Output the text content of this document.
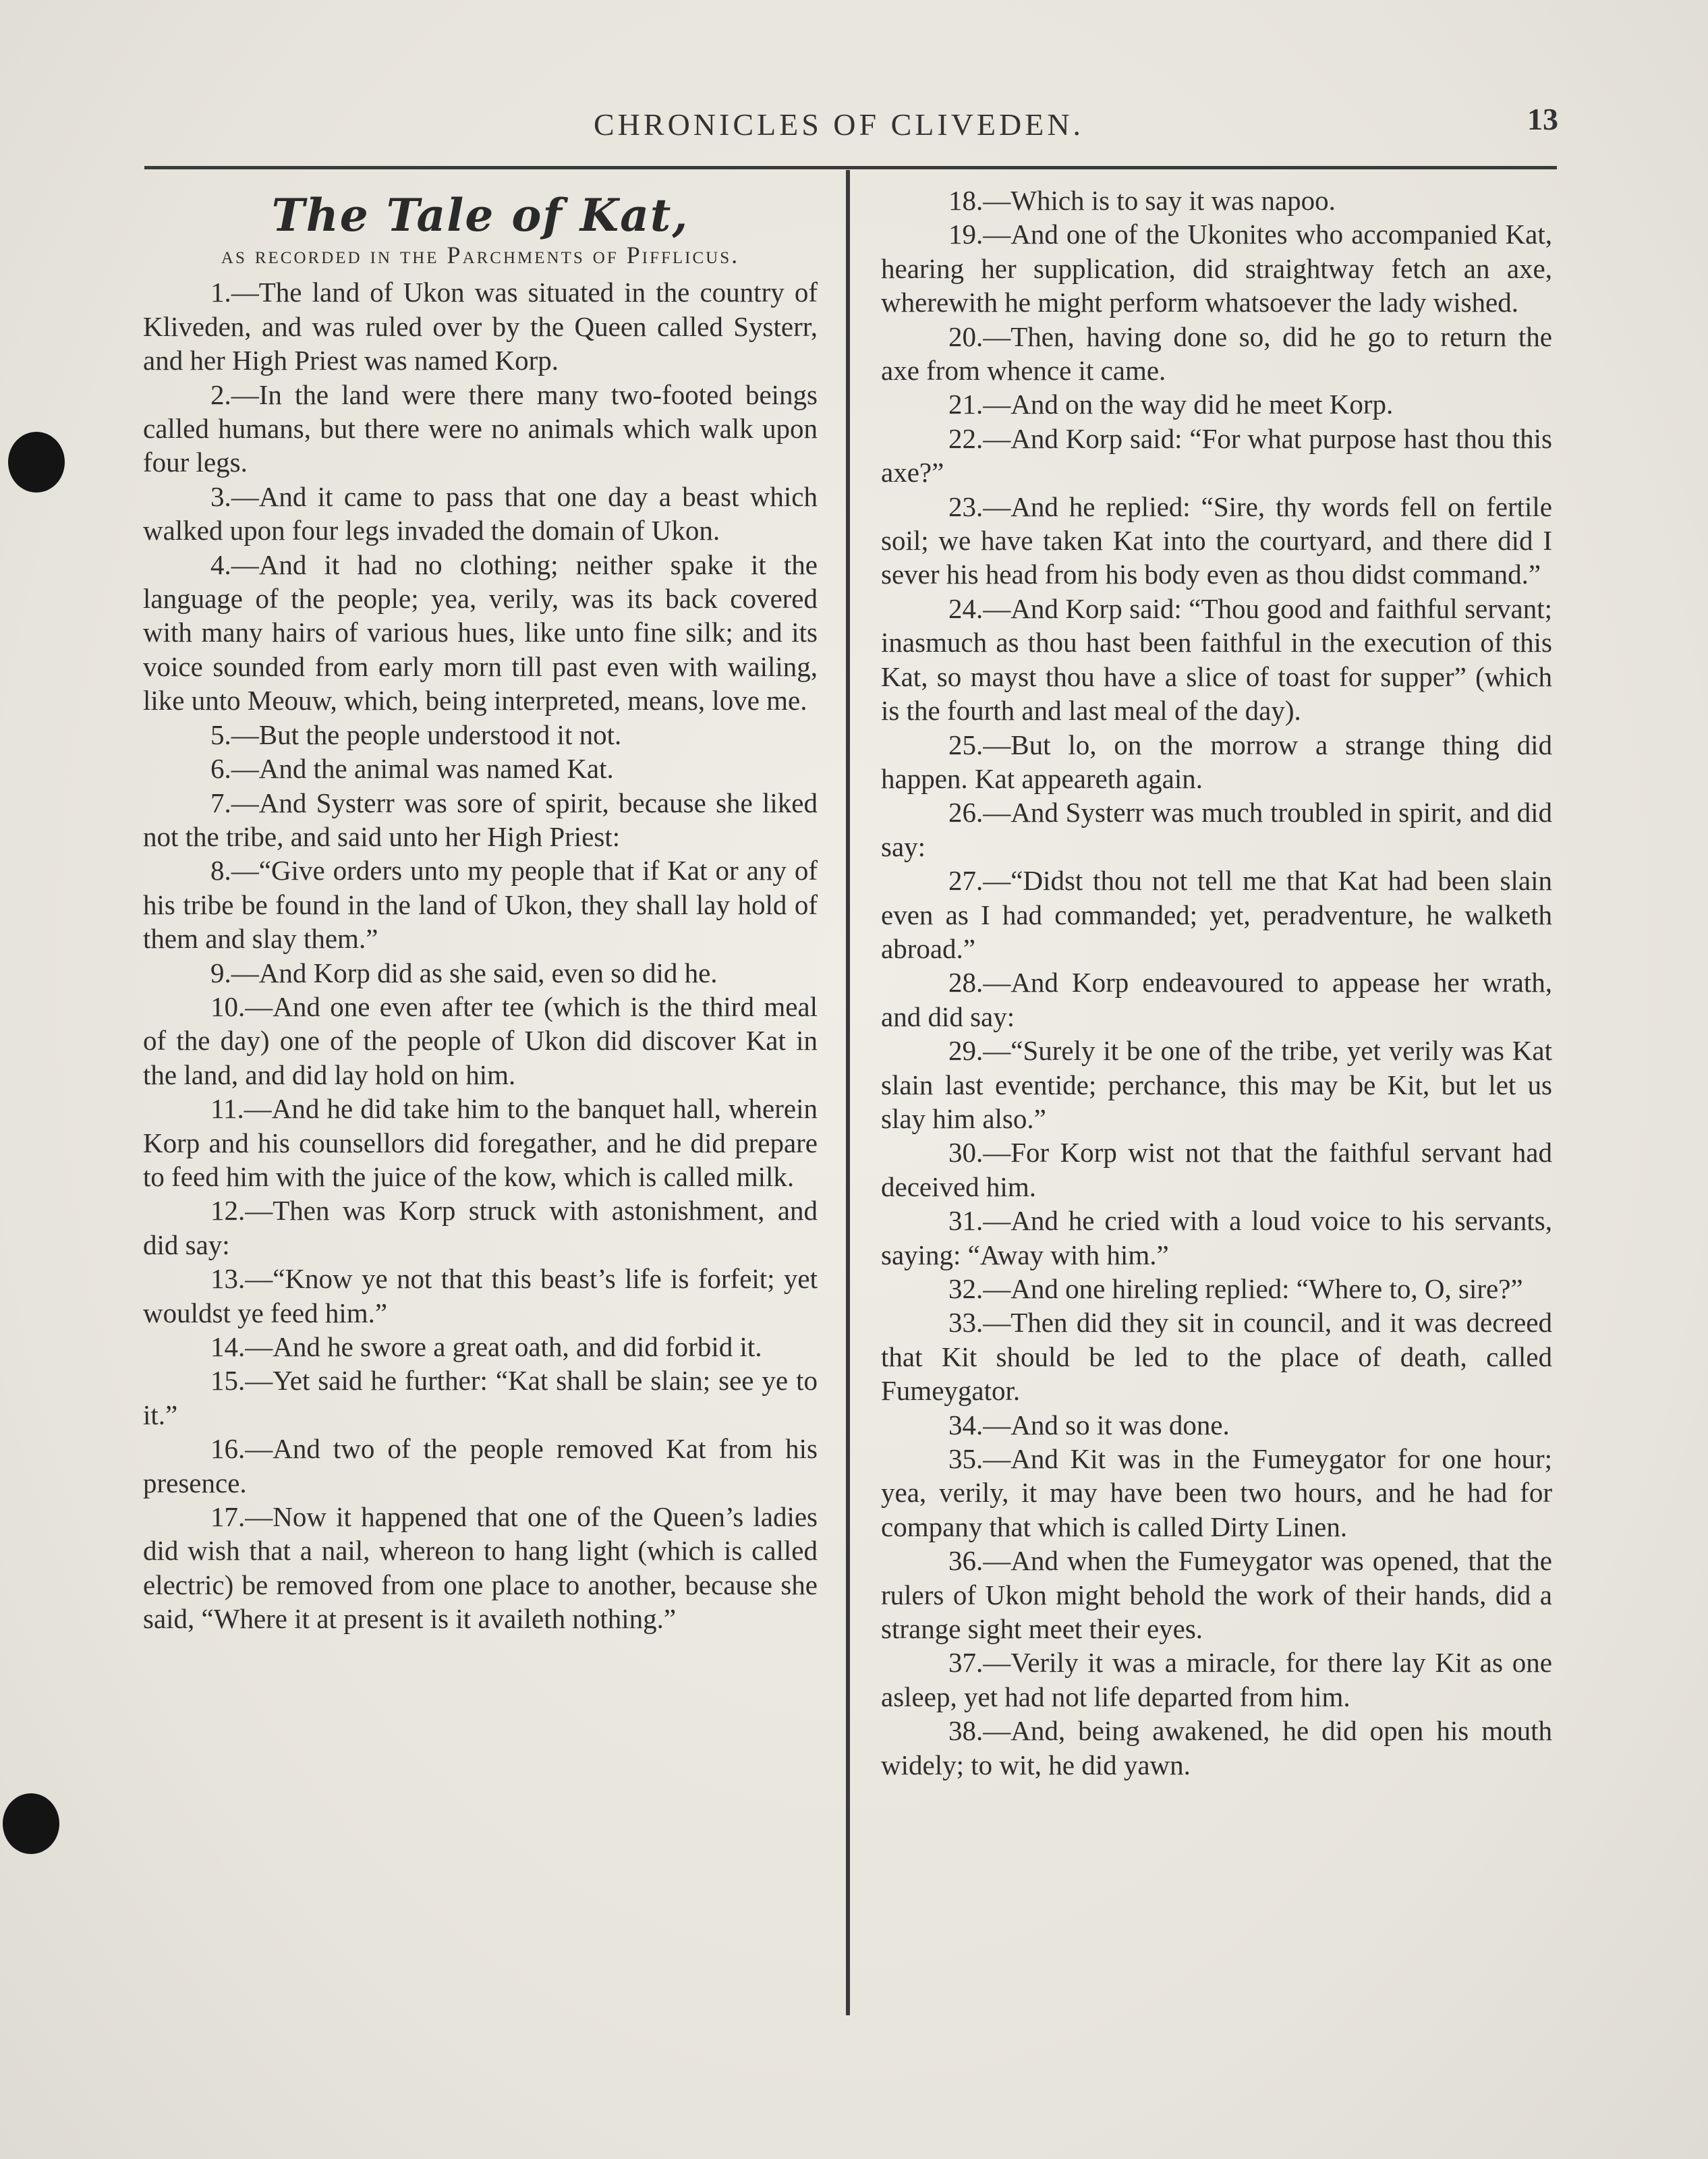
CHRONICLES OF CLIVEDEN.	13
The Tale of Kat,
as recorded in the Parchments of Pifflicus.

1.—The land of Ukon was situated in the country of Kliveden, and was ruled over by the Queen called Systerr, and her High Priest was named Korp.

2.—In the land were there many two-footed beings called humans, but there were no animals which walk upon four legs.

3.—And it came to pass that one day a beast which walked upon four legs invaded the domain of Ukon.

4.—And it had no clothing; neither spake it the language of the people; yea, verily, was its back covered with many hairs of various hues, like unto fine silk; and its voice sounded from early morn till past even with wailing, like unto Meouw, which, being interpreted, means, love me.

5.—But the people understood it not.

6.—And the animal was named Kat.

7.—And Systerr was sore of spirit, because she liked not the tribe, and said unto her High Priest:

8.—“Give orders unto my people that if Kat or any of his tribe be found in the land of Ukon, they shall lay hold of them and slay them.”

9.—And Korp did as she said, even so did he.

10.—And one even after tee (which is the third meal of the day) one of the people of Ukon did discover Kat in the land, and did lay hold on him.

11.—And he did take him to the banquet hall, wherein Korp and his counsellors did foregather, and he did prepare to feed him with the juice of the kow, which is called milk.

12.—Then was Korp struck with astonishment, and did say:

13.—“Know ye not that this beast’s life is forfeit; yet wouldst ye feed him.”

14.—And he swore a great oath, and did forbid it.

15.—Yet said he further: “Kat shall be slain; see ye to it.”

16.—And two of the people removed Kat from his presence.

17.—Now it happened that one of the Queen’s ladies did wish that a nail, whereon to hang light (which is called electric) be removed from one place to another, because she said, “Where it at present is it availeth nothing.”

18.—Which is to say it was napoo.

19.—And one of the Ukonites who accompanied Kat, hearing her supplication, did straightway fetch an axe, wherewith he might perform whatsoever the lady wished.

20.—Then, having done so, did he go to return the axe from whence it came.

21.—And on the way did he meet Korp.

22.—And Korp said: “For what purpose hast thou this axe?”

23.—And he replied: “Sire, thy words fell on fertile soil; we have taken Kat into the courtyard, and there did I sever his head from his body even as thou didst command.”

24.—And Korp said: “Thou good and faithful servant; inasmuch as thou hast been faithful in the execution of this Kat, so mayst thou have a slice of toast for supper” (which is the fourth and last meal of the day).

25.—But lo, on the morrow a strange thing did happen. Kat appeareth again.

26.—And Systerr was much troubled in spirit, and did say:

27.—“Didst thou not tell me that Kat had been slain even as I had commanded; yet, peradventure, he walketh abroad.”

28.—And Korp endeavoured to appease her wrath, and did say:

29.—“Surely it be one of the tribe, yet verily was Kat slain last eventide; perchance, this may be Kit, but let us slay him also.”

30.—For Korp wist not that the faithful servant had deceived him.

31.—And he cried with a loud voice to his servants, saying: “Away with him.”

32.—And one hireling replied: “Where to, O, sire?”

33.—Then did they sit in council, and it was decreed that Kit should be led to the place of death, called Fumeygator.

34.—And so it was done.

35.—And Kit was in the Fumeygator for one hour; yea, verily, it may have been two hours, and he had for company that which is called Dirty Linen.

36.—And when the Fumeygator was opened, that the rulers of Ukon might behold the work of their hands, did a strange sight meet their eyes.

37.—Verily it was a miracle, for there lay Kit as one asleep, yet had not life departed from him.

38.—And, being awakened, he did open his mouth widely; to wit, he did yawn.
